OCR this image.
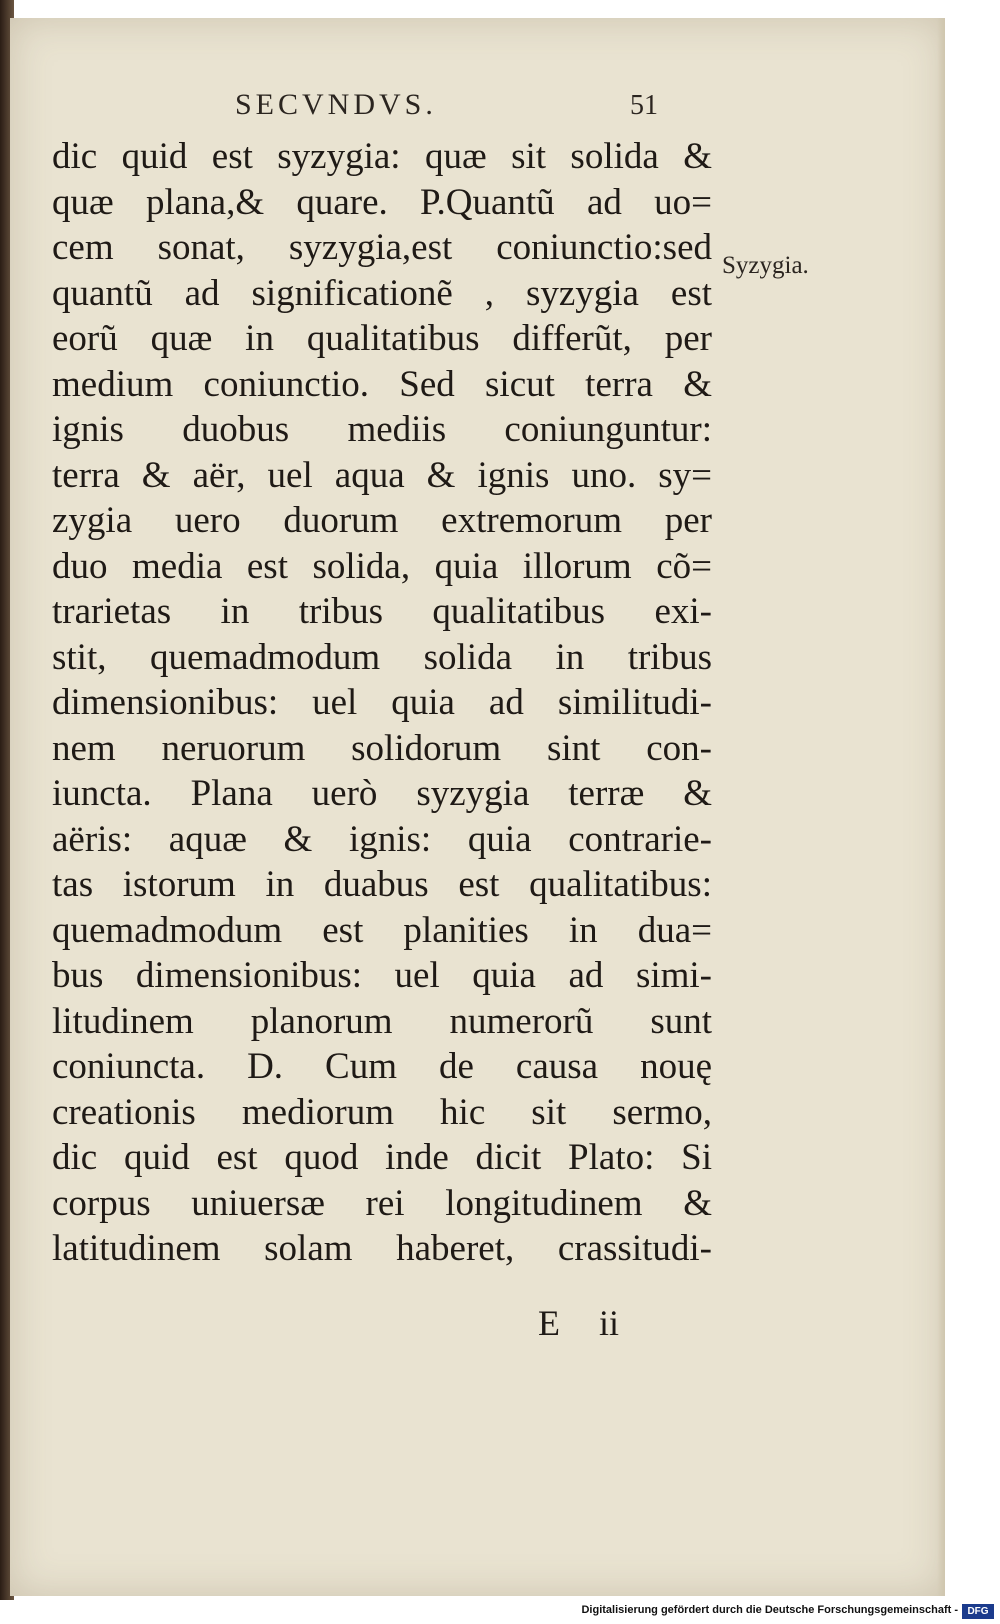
SECVNDVS.	51
Syzygia.
dic quid est syzygia: quæ sit solida &
quæ plana,& quare. P.Quantũ ad uo=
cem sonat, syzygia,est coniunctio:sed
quantũ ad significationẽ , syzygia est
eorũ quæ in qualitatibus differũt, per
medium coniunctio. Sed sicut terra &
ignis duobus mediis coniunguntur:
terra & aër, uel aqua & ignis uno. sy=
zygia uero duorum extremorum per
duo media est solida, quia illorum cõ=
trarietas in tribus qualitatibus exi-
stit, quemadmodum solida in tribus
dimensionibus: uel quia ad similitudi-
nem neruorum solidorum sint con-
iuncta. Plana uerò syzygia terræ &
aëris: aquæ & ignis: quia contrarie-
tas istorum in duabus est qualitatibus:
quemadmodum est planities in dua=
bus dimensionibus: uel quia ad simi-
litudinem planorum numerorũ sunt
coniuncta. D. Cum de causa nouę
creationis mediorum hic sit sermo,
dic quid est quod inde dicit Plato: Si
corpus uniuersæ rei longitudinem &
latitudinem solam haberet, crassitudi-
E ii
Digitalisierung gefördert durch die Deutsche Forschungsgemeinschaft - DFG
